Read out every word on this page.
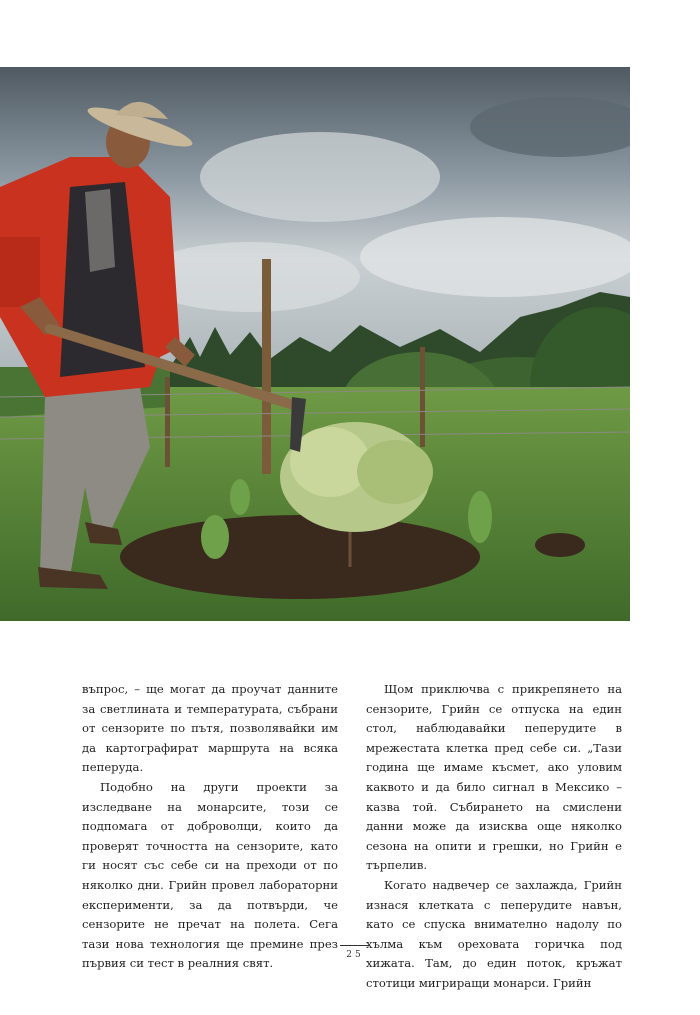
въпрос, – ще могат да проучат данните за светлината и температурата, събрани от сензорите по пътя, позволявайки им да картографират маршрута на всяка пеперуда.

Подобно на други проекти за изследване на монарсите, този се подпомага от доброволци, които да проверят точността на сензорите, като ги носят със себе си на преходи от по няколко дни. Грийн провел лабораторни експерименти, за да потвърди, че сензорите не пречат на полета. Сега тази нова технология ще премине през първия си тест в реалния свят.

Щом приключва с прикрепянето на сензорите, Грийн се отпуска на един стол, наблюдавайки пеперудите в мрежестата клетка пред себе си. „Тази година ще имаме късмет, ако уловим каквото и да било сигнал в Мексико – казва той. Събирането на смислени данни може да изисква още няколко сезона на опити и грешки, но Грийн е търпелив.

Когато надвечер се захлажда, Грийн изнася клетката с пеперудите навън, като се спуска внимателно надолу по хълма към ореховата горичка под хижата. Там, до един поток, кръжат стотици мигриращи монарси. Грийн

25
